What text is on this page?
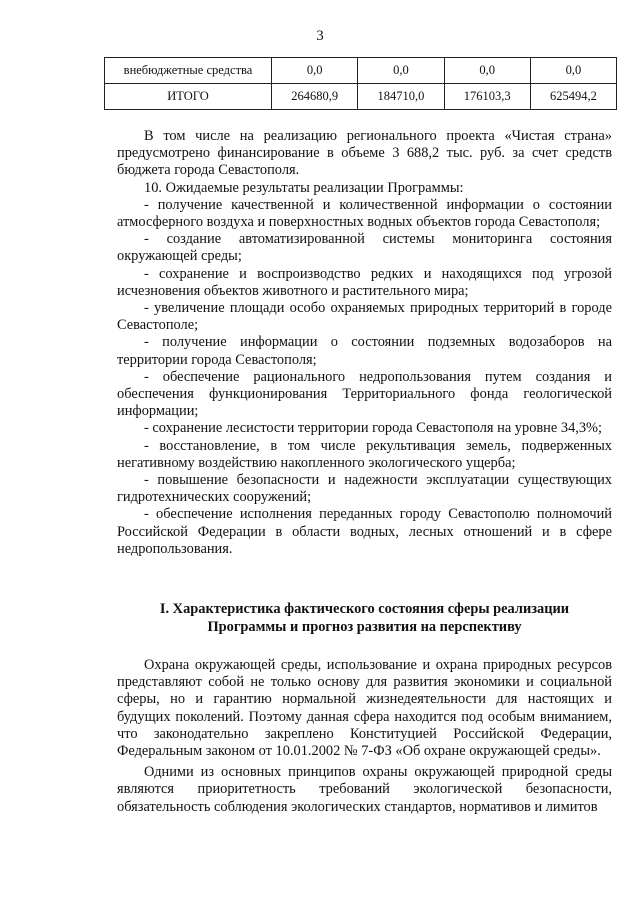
3
внебюджетные средства	0,0	0,0	0,0	0,0
ИТОГО	264680,9	184710,0	176103,3	625494,2

В том числе на реализацию регионального проекта «Чистая страна» предусмотрено финансирование в объеме 3 688,2 тыс. руб. за счет средств бюджета города Севастополя.

10. Ожидаемые результаты реализации Программы:

- получение качественной и количественной информации о состоянии атмосферного воздуха и поверхностных водных объектов города Севастополя;

- создание автоматизированной системы мониторинга состояния окружающей среды;

- сохранение и воспроизводство редких и находящихся под угрозой исчезновения объектов животного и растительного мира;

- увеличение площади особо охраняемых природных территорий в городе Севастополе;

- получение информации о состоянии подземных водозаборов на территории города Севастополя;

- обеспечение рационального недропользования путем создания и обеспечения функционирования Территориального фонда геологической информации;

- сохранение лесистости территории города Севастополя на уровне 34,3%;

- восстановление, в том числе рекультивация земель, подверженных негативному воздействию накопленного экологического ущерба;

- повышение безопасности и надежности эксплуатации существующих гидротехнических сооружений;

- обеспечение исполнения переданных городу Севастополю полномочий Российской Федерации в области водных, лесных отношений и в сфере недропользования.

I. Характеристика фактического состояния сферы реализации
Программы и прогноз развития на перспективу

Охрана окружающей среды, использование и охрана природных ресурсов представляют собой не только основу для развития экономики и социальной сферы, но и гарантию нормальной жизнедеятельности для настоящих и будущих поколений. Поэтому данная сфера находится под особым вниманием, что законодательно закреплено Конституцией Российской Федерации, Федеральным законом от 10.01.2002 № 7-ФЗ «Об охране окружающей среды».

Одними из основных принципов охраны окружающей природной среды являются приоритетность требований экологической безопасности, обязательность соблюдения экологических стандартов, нормативов и лимитов
